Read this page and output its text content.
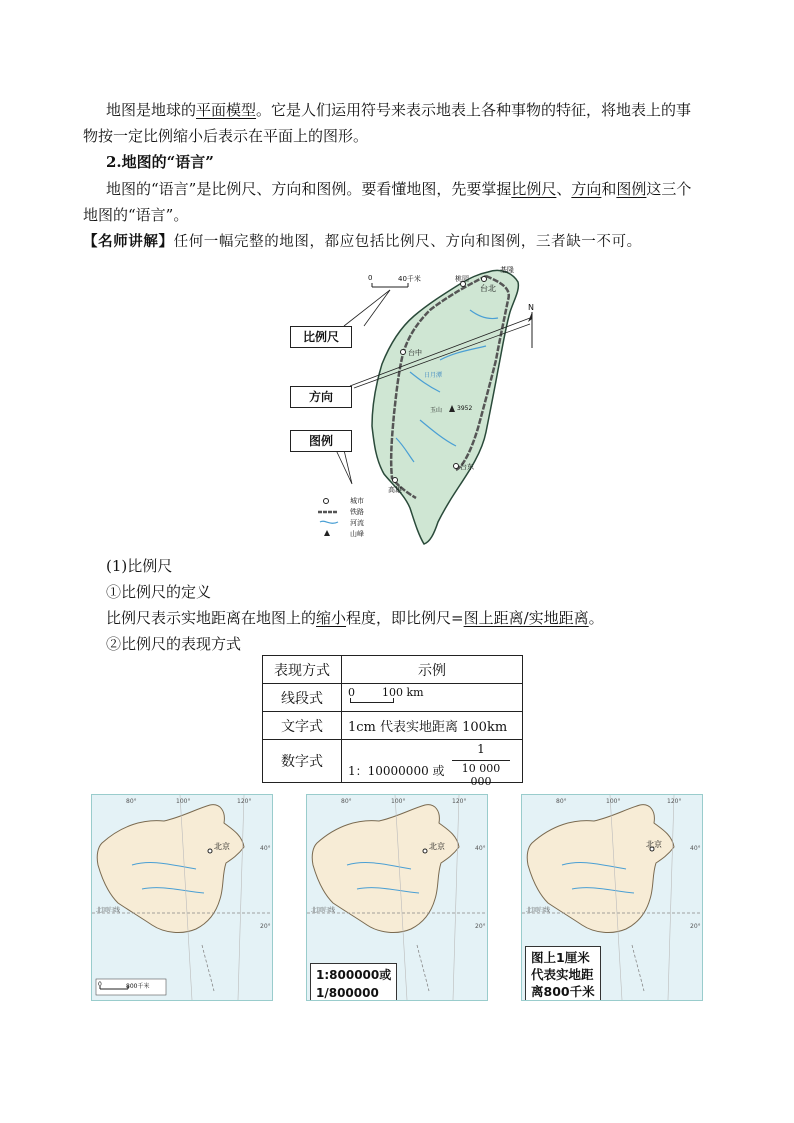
地图是地球的平面模型。它是人们运用符号来表示地表上各种事物的特征，将地表上的事
物按一定比例缩小后表示在平面上的图形。
2.地图的“语言”
地图的“语言”是比例尺、方向和图例。要看懂地图，先要掌握比例尺、方向和图例这三个
地图的“语言”。
【名师讲解】任何一幅完整的地图，都应包括比例尺、方向和图例，三者缺一不可。
0	40千米
N
基隆
桃园
台北
台中
日月潭
玉山 3952
台东
高雄
比例尺
方向
图例
城市
铁路
河流
山峰
(1)比例尺
①比例尺的定义
比例尺表示实地距离在地图上的缩小程度，即比例尺=图上距离/实地距离。
②比例尺的表现方式
表现方式	示例
线段式	0 100 km

文字式	1cm 代表实地距离 100km
数字式	1：10000000 或
1
10 000 000
80°	100°	120°
40°
20°
北京
北回归线
0	800千米
80°	100°	120°
40°
20°
北京
北回归线
1:800000或
1/800000
80°	100°	120°
40°
20°
北京
北回归线
图上1厘米
代表实地距
离800千米
